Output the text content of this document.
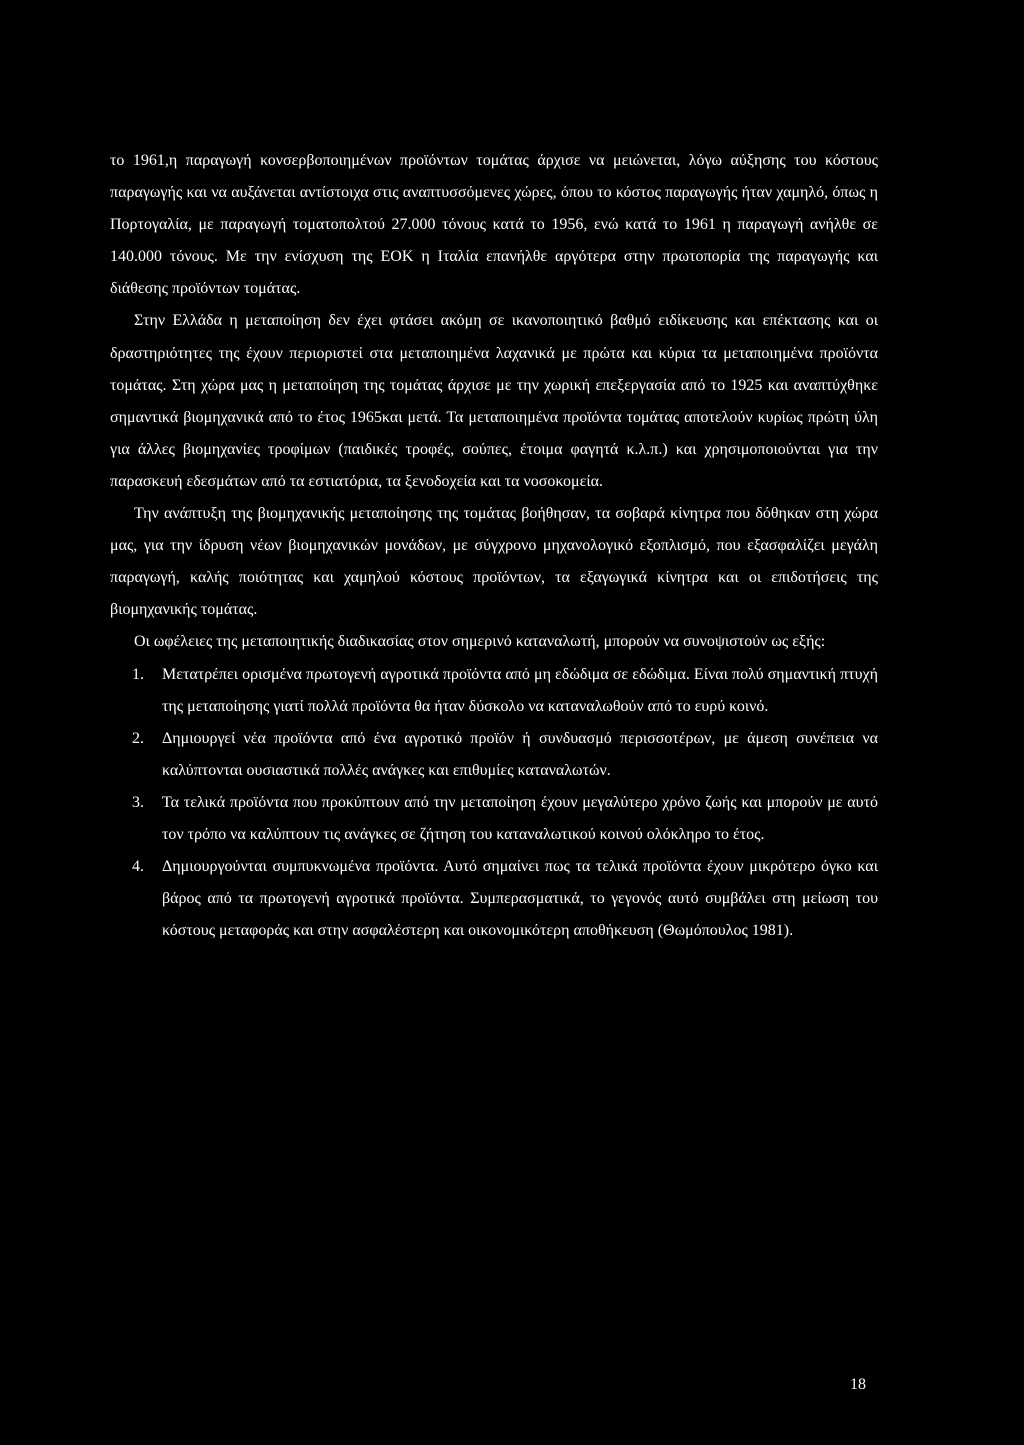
το 1961,η παραγωγή κονσερβοποιημένων προϊόντων τομάτας άρχισε να μειώνεται, λόγω αύξησης του κόστους παραγωγής και να αυξάνεται αντίστοιχα στις αναπτυσσόμενες χώρες, όπου το κόστος παραγωγής ήταν χαμηλό, όπως η Πορτογαλία, με παραγωγή τοματοπολτού 27.000 τόνους κατά το 1956, ενώ κατά το 1961 η παραγωγή ανήλθε σε 140.000 τόνους. Με την ενίσχυση της ΕΟΚ η Ιταλία επανήλθε αργότερα στην πρωτοπορία της παραγωγής και διάθεσης προϊόντων τομάτας.

Στην Ελλάδα η μεταποίηση δεν έχει φτάσει ακόμη σε ικανοποιητικό βαθμό ειδίκευσης και επέκτασης και οι δραστηριότητες της έχουν περιοριστεί στα μεταποιημένα λαχανικά με πρώτα και κύρια τα μεταποιημένα προϊόντα τομάτας. Στη χώρα μας η μεταποίηση της τομάτας άρχισε με την χωρική επεξεργασία από το 1925 και αναπτύχθηκε σημαντικά βιομηχανικά από το έτος 1965και μετά. Τα μεταποιημένα προϊόντα τομάτας αποτελούν κυρίως πρώτη ύλη για άλλες βιομηχανίες τροφίμων (παιδικές τροφές, σούπες, έτοιμα φαγητά κ.λ.π.) και χρησιμοποιούνται για την παρασκευή εδεσμάτων από τα εστιατόρια, τα ξενοδοχεία και τα νοσοκομεία.

Την ανάπτυξη της βιομηχανικής μεταποίησης της τομάτας βοήθησαν, τα σοβαρά κίνητρα που δόθηκαν στη χώρα μας, για την ίδρυση νέων βιομηχανικών μονάδων, με σύγχρονο μηχανολογικό εξοπλισμό, που εξασφαλίζει μεγάλη παραγωγή, καλής ποιότητας και χαμηλού κόστους προϊόντων, τα εξαγωγικά κίνητρα και οι επιδοτήσεις της βιομηχανικής τομάτας.

Οι ωφέλειες της μεταποιητικής διαδικασίας στον σημερινό καταναλωτή, μπορούν να συνοψιστούν ως εξής:

1. Μετατρέπει ορισμένα πρωτογενή αγροτικά προϊόντα από μη εδώδιμα σε εδώδιμα. Είναι πολύ σημαντική πτυχή της μεταποίησης γιατί πολλά προϊόντα θα ήταν δύσκολο να καταναλωθούν από το ευρύ κοινό.
2. Δημιουργεί νέα προϊόντα από ένα αγροτικό προϊόν ή συνδυασμό περισσοτέρων, με άμεση συνέπεια να καλύπτονται ουσιαστικά πολλές ανάγκες και επιθυμίες καταναλωτών.
3. Τα τελικά προϊόντα που προκύπτουν από την μεταποίηση έχουν μεγαλύτερο χρόνο ζωής και μπορούν με αυτό τον τρόπο να καλύπτουν τις ανάγκες σε ζήτηση του καταναλωτικού κοινού ολόκληρο το έτος.
4. Δημιουργούνται συμπυκνωμένα προϊόντα. Αυτό σημαίνει πως τα τελικά προϊόντα έχουν μικρότερο όγκο και βάρος από τα πρωτογενή αγροτικά προϊόντα. Συμπερασματικά, το γεγονός αυτό συμβάλει στη μείωση του κόστους μεταφοράς και στην ασφαλέστερη και οικονομικότερη αποθήκευση (Θωμόπουλος 1981).
18
